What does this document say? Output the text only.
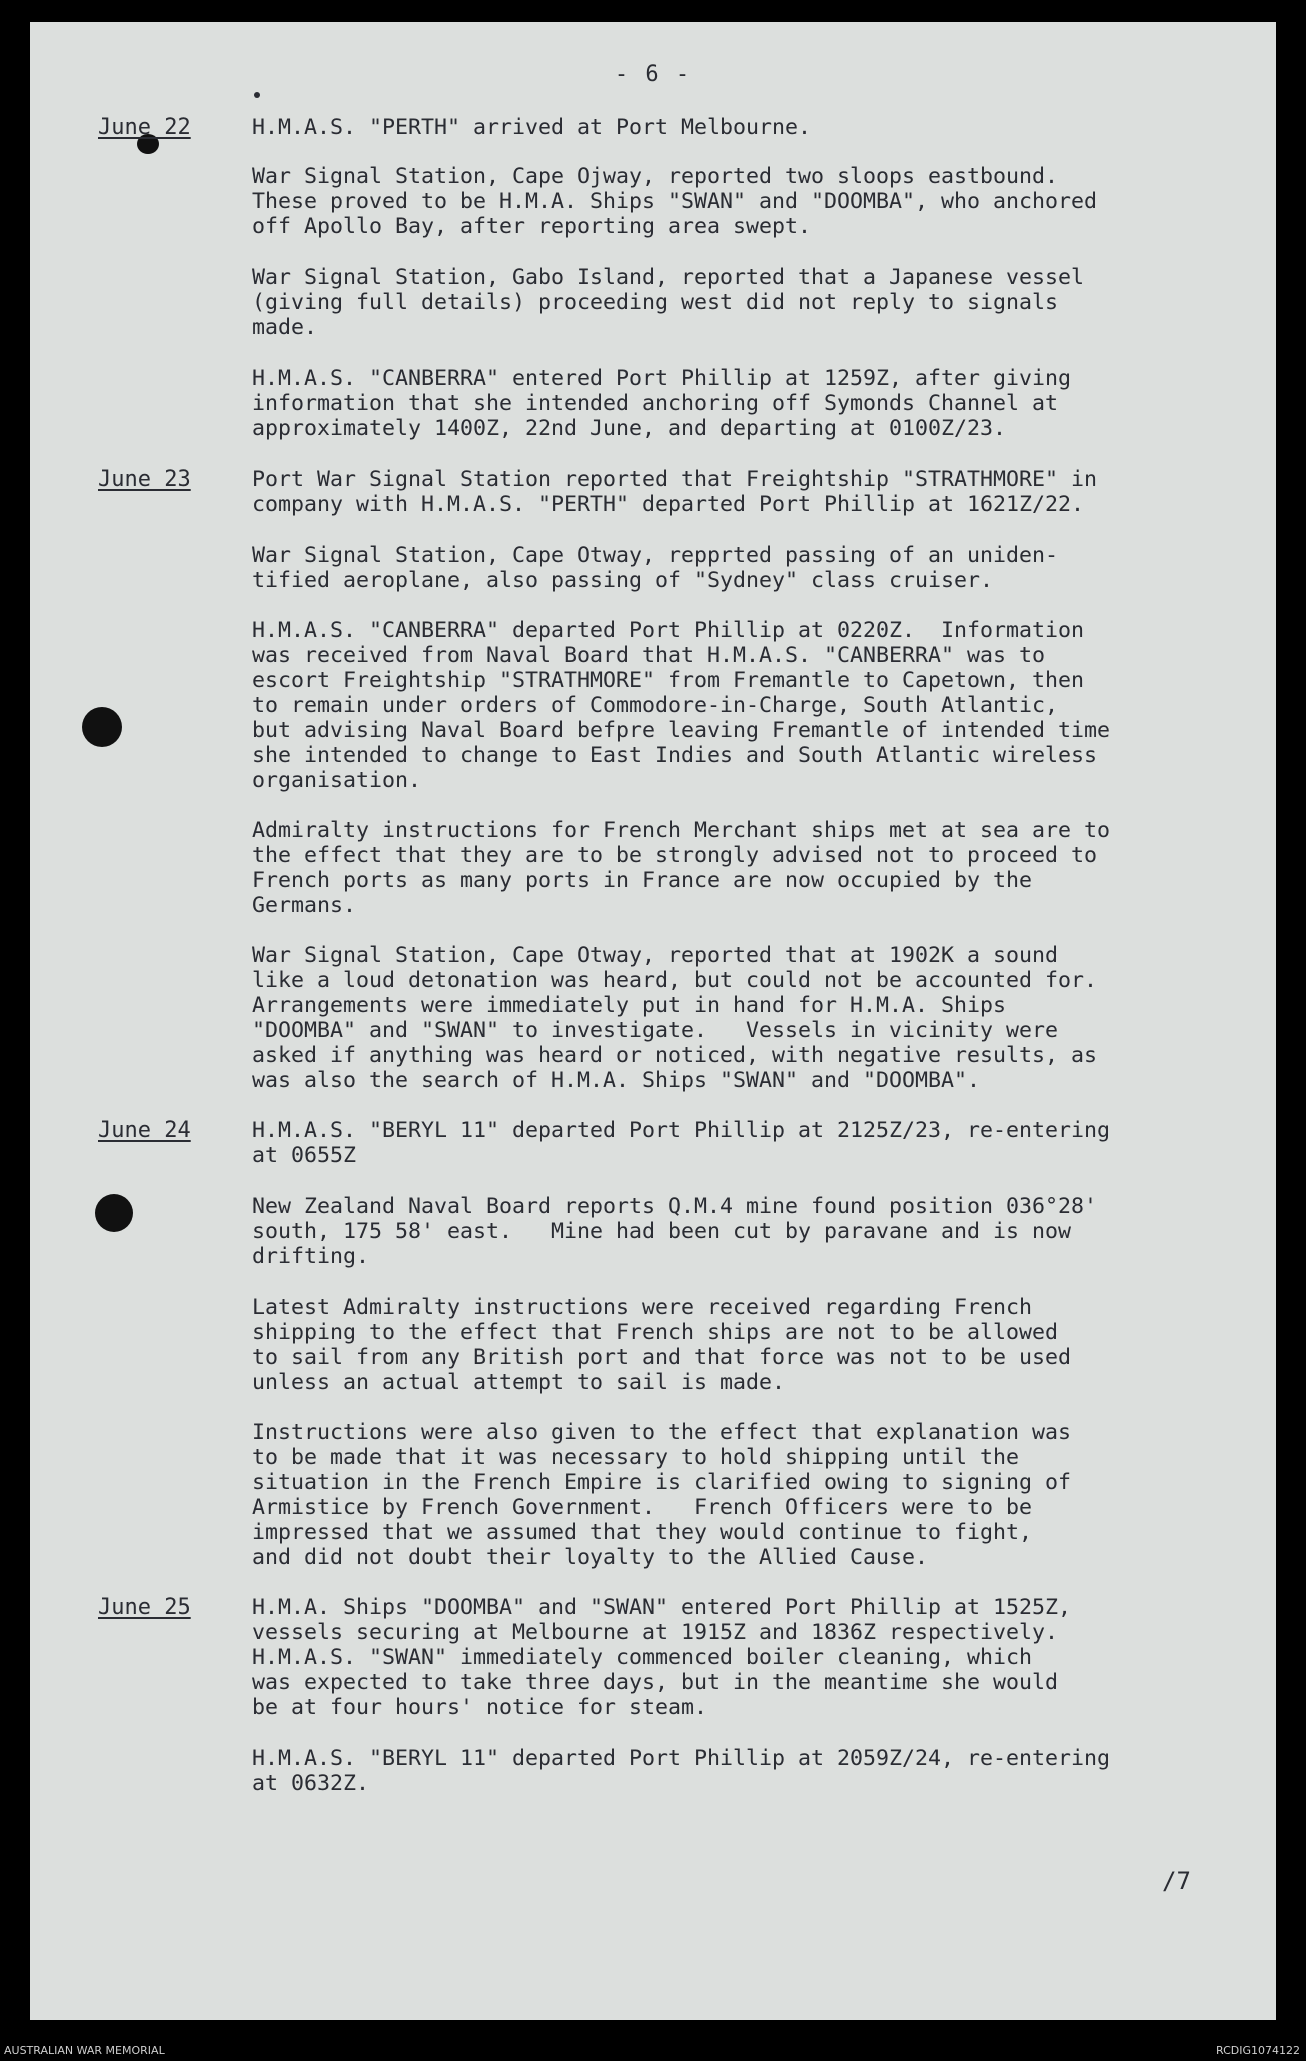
- 6 -
June 22	H.M.A.S. "PERTH" arrived at Port Melbourne.
War Signal Station, Cape Ojway, reported two sloops eastbound.
These proved to be H.M.A. Ships "SWAN" and "DOOMBA", who anchored
off Apollo Bay, after reporting area swept.
War Signal Station, Gabo Island, reported that a Japanese vessel
(giving full details) proceeding west did not reply to signals
made.
H.M.A.S. "CANBERRA" entered Port Phillip at 1259Z, after giving
information that she intended anchoring off Symonds Channel at
approximately 1400Z, 22nd June, and departing at 0100Z/23.
June 23	Port War Signal Station reported that Freightship "STRATHMORE" in
company with H.M.A.S. "PERTH" departed Port Phillip at 1621Z/22.
War Signal Station, Cape Otway, repprted passing of an uniden-
tified aeroplane, also passing of "Sydney" class cruiser.
H.M.A.S. "CANBERRA" departed Port Phillip at 0220Z.  Information
was received from Naval Board that H.M.A.S. "CANBERRA" was to
escort Freightship "STRATHMORE" from Fremantle to Capetown, then
to remain under orders of Commodore-in-Charge, South Atlantic,
but advising Naval Board befpre leaving Fremantle of intended time
she intended to change to East Indies and South Atlantic wireless
organisation.
Admiralty instructions for French Merchant ships met at sea are to
the effect that they are to be strongly advised not to proceed to
French ports as many ports in France are now occupied by the
Germans.
War Signal Station, Cape Otway, reported that at 1902K a sound
like a loud detonation was heard, but could not be accounted for.
Arrangements were immediately put in hand for H.M.A. Ships
"DOOMBA" and "SWAN" to investigate.   Vessels in vicinity were
asked if anything was heard or noticed, with negative results, as
was also the search of H.M.A. Ships "SWAN" and "DOOMBA".
June 24	H.M.A.S. "BERYL 11" departed Port Phillip at 2125Z/23, re-entering
at 0655Z
New Zealand Naval Board reports Q.M.4 mine found position 036°28'
south, 175 58' east.   Mine had been cut by paravane and is now
drifting.
Latest Admiralty instructions were received regarding French
shipping to the effect that French ships are not to be allowed
to sail from any British port and that force was not to be used
unless an actual attempt to sail is made.
Instructions were also given to the effect that explanation was
to be made that it was necessary to hold shipping until the
situation in the French Empire is clarified owing to signing of
Armistice by French Government.   French Officers were to be
impressed that we assumed that they would continue to fight,
and did not doubt their loyalty to the Allied Cause.
June 25	H.M.A. Ships "DOOMBA" and "SWAN" entered Port Phillip at 1525Z,
vessels securing at Melbourne at 1915Z and 1836Z respectively.
H.M.A.S. "SWAN" immediately commenced boiler cleaning, which
was expected to take three days, but in the meantime she would
be at four hours' notice for steam.
H.M.A.S. "BERYL 11" departed Port Phillip at 2059Z/24, re-entering
at 0632Z.
/7
AUSTRALIAN WAR MEMORIAL	RCDIG1074122
